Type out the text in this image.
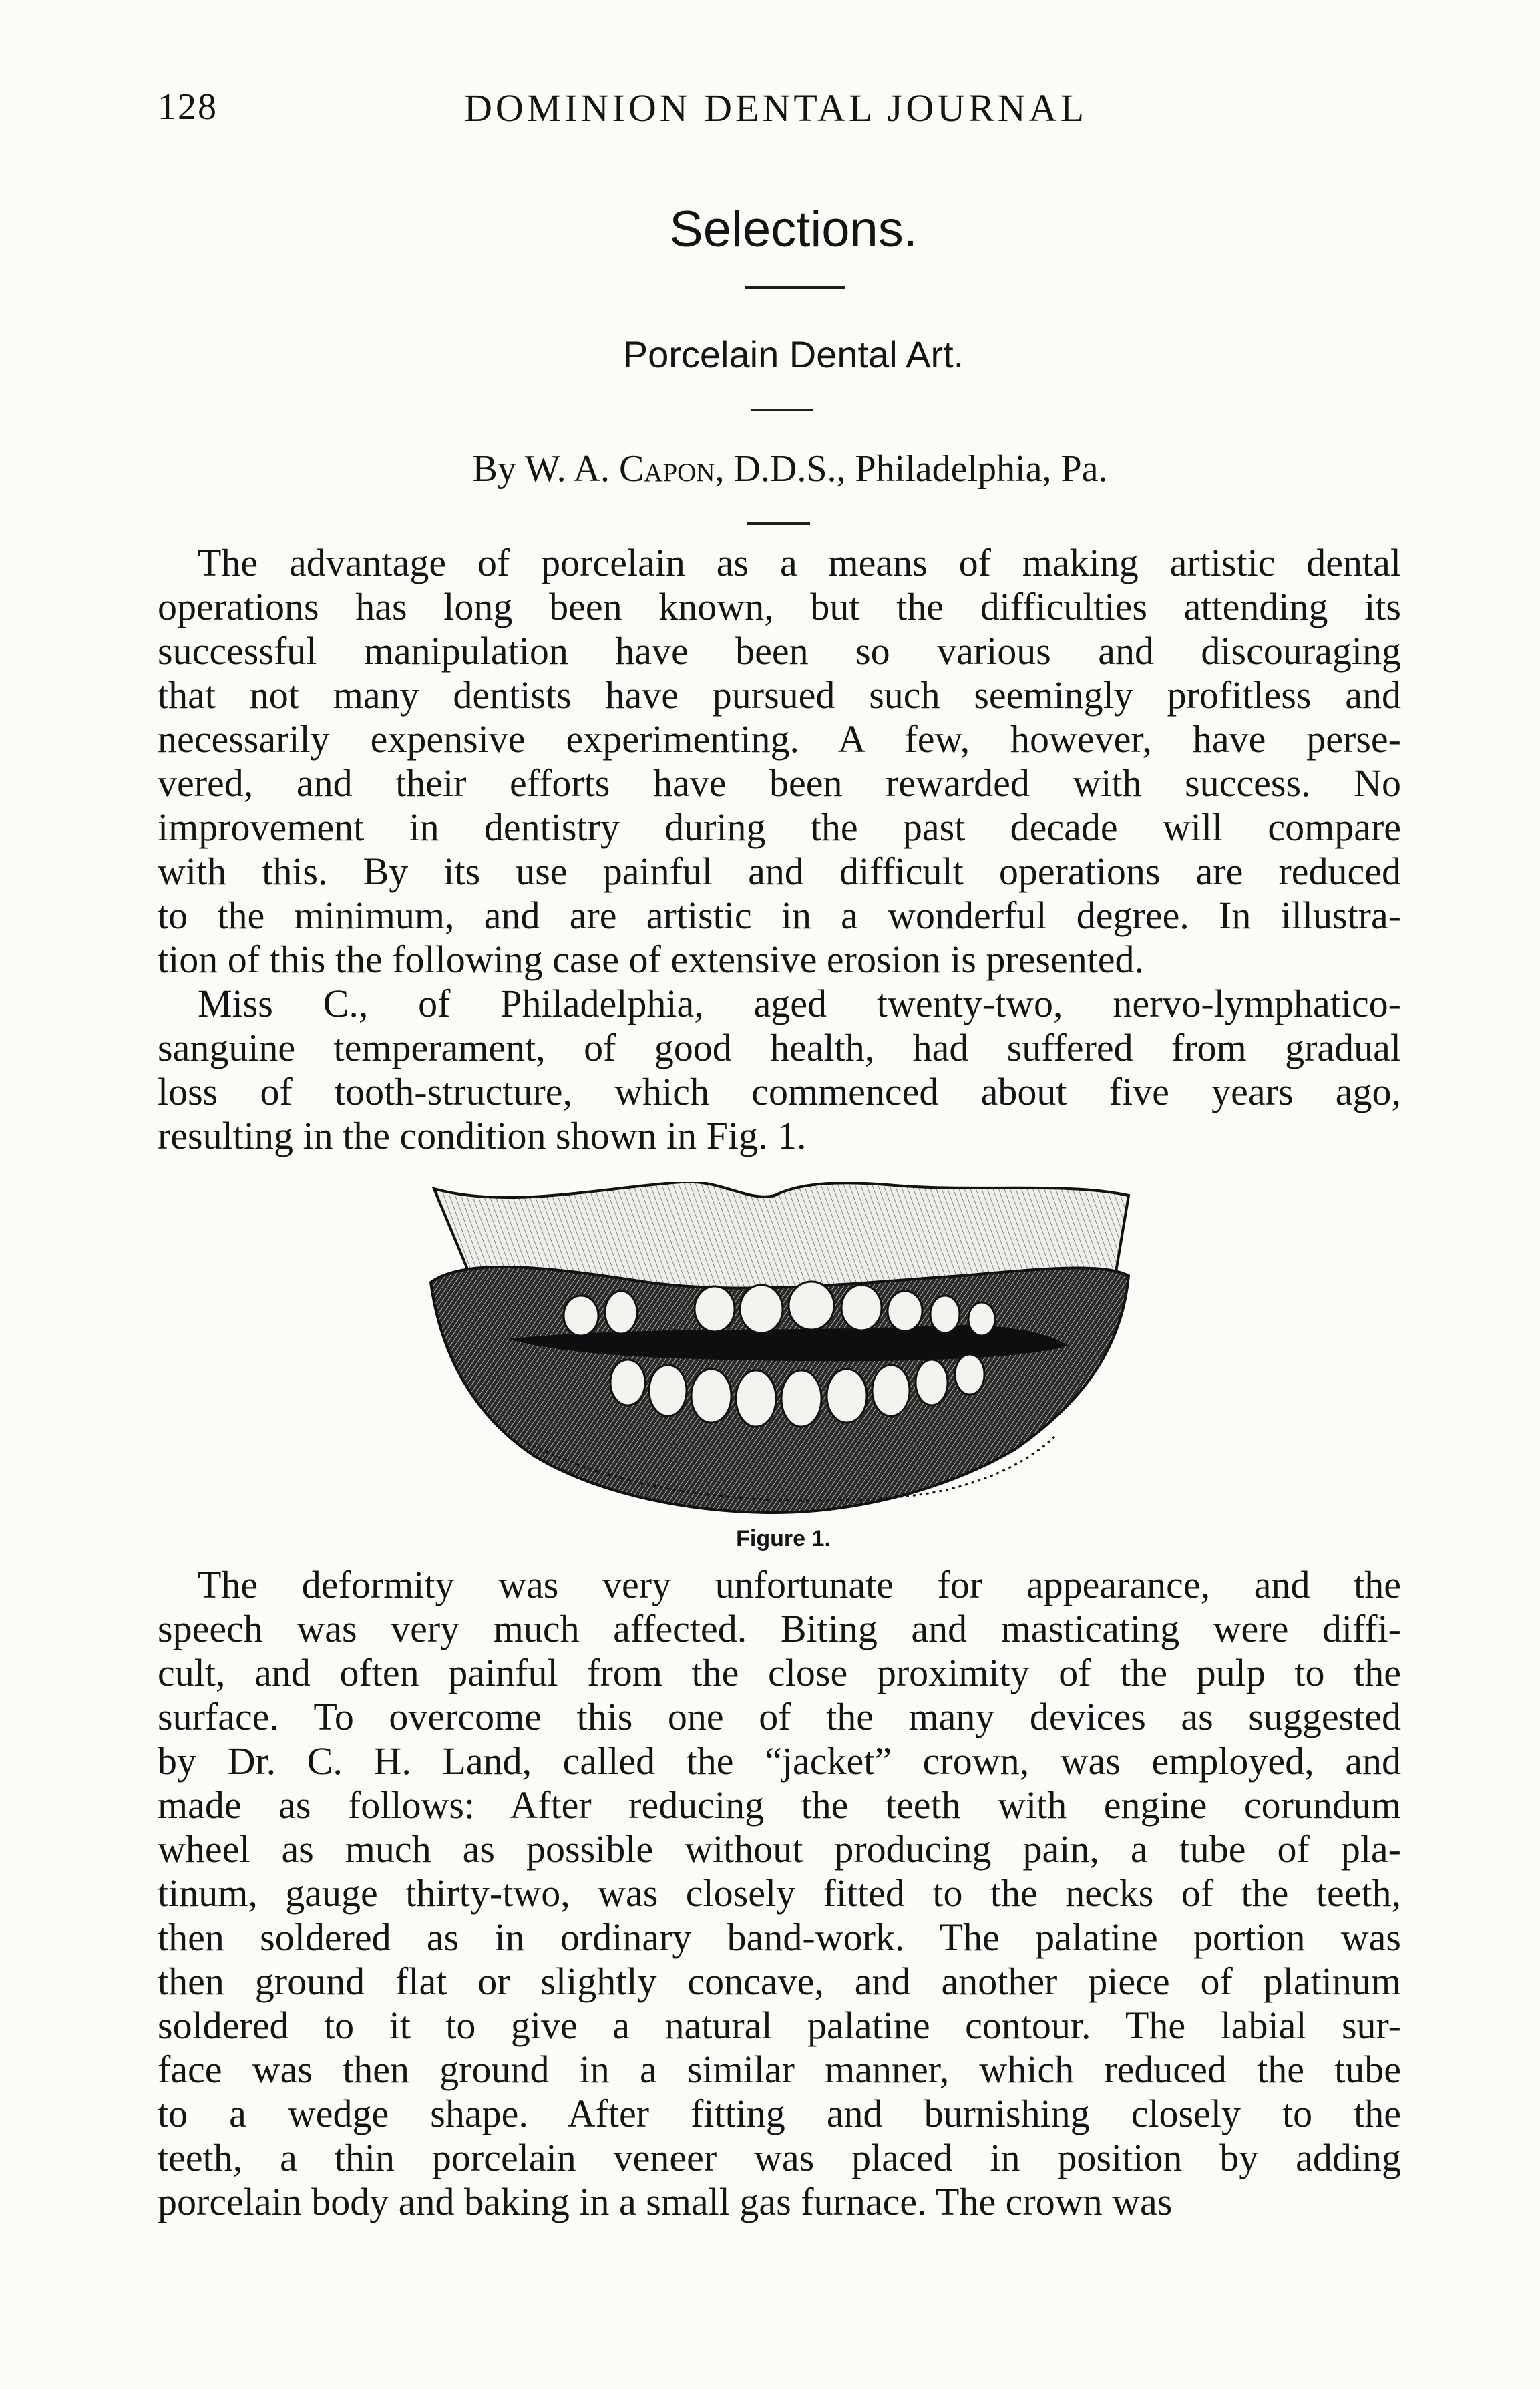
128	DOMINION DENTAL JOURNAL
Selections.
Porcelain Dental Art.
By W. A. Capon, D.D.S., Philadelphia, Pa.

The advantage of porcelain as a means of making artistic dental

operations has long been known, but the difficulties attending its

successful manipulation have been so various and discouraging

that not many dentists have pursued such seemingly profitless and

necessarily expensive experimenting. A few, however, have perse-

vered, and their efforts have been rewarded with success. No

improvement in dentistry during the past decade will compare

with this. By its use painful and difficult operations are reduced

to the minimum, and are artistic in a wonderful degree. In illustra-

tion of this the following case of extensive erosion is presented.

Miss C., of Philadelphia, aged twenty-two, nervo-lymphatico-

sanguine temperament, of good health, had suffered from gradual

loss of tooth-structure, which commenced about five years ago,

resulting in the condition shown in Fig. 1.

Figure 1.

The deformity was very unfortunate for appearance, and the

speech was very much affected. Biting and masticating were diffi-

cult, and often painful from the close proximity of the pulp to the

surface. To overcome this one of the many devices as suggested

by Dr. C. H. Land, called the “jacket” crown, was employed, and

made as follows: After reducing the teeth with engine corundum

wheel as much as possible without producing pain, a tube of pla-

tinum, gauge thirty-two, was closely fitted to the necks of the teeth,

then soldered as in ordinary band-work. The palatine portion was

then ground flat or slightly concave, and another piece of platinum

soldered to it to give a natural palatine contour. The labial sur-

face was then ground in a similar manner, which reduced the tube

to a wedge shape. After fitting and burnishing closely to the

teeth, a thin porcelain veneer was placed in position by adding

porcelain body and baking in a small gas furnace. The crown was
